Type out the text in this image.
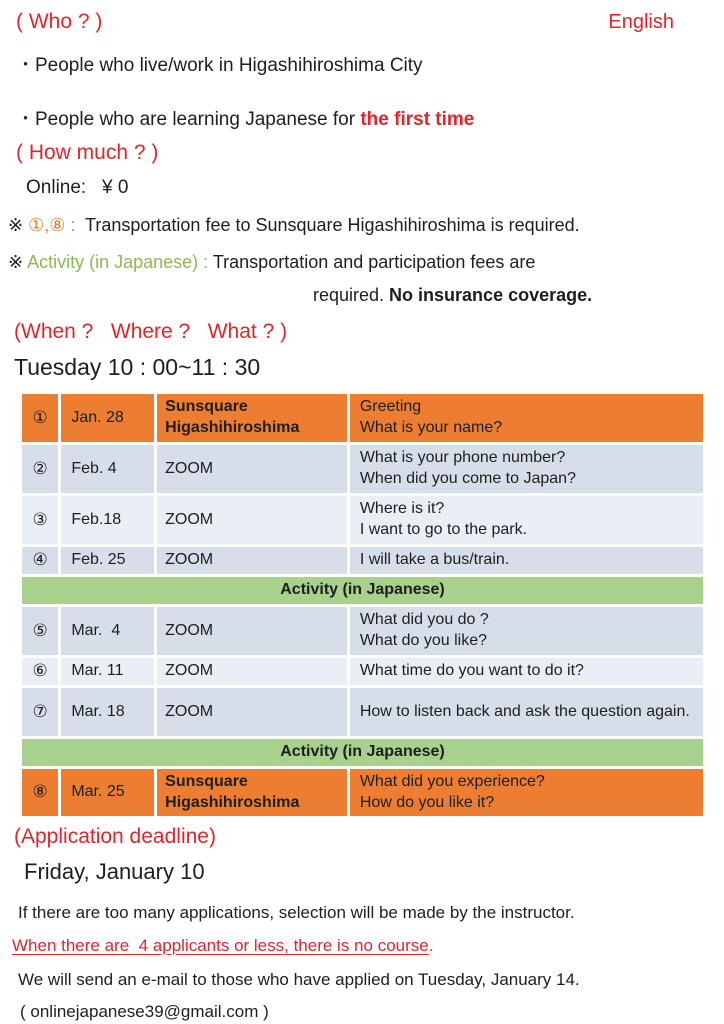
( Who ? )	English
・People who live/work in Higashihiroshima City
・People who are learning Japanese for the first time
( How much ? )
Online:   ¥ 0
※ ①,⑧ :  Transportation fee to Sunsquare Higashihiroshima is required.
※ Activity (in Japanese) : Transportation and participation fees are
required. No insurance coverage.
(When ?   Where ?   What ? )
Tuesday 10 : 00~11 : 30
①	Jan. 28	Sunsquare Higashihiroshima	Greeting
What is your name?

②	Feb. 4	ZOOM	What is your phone number?
When did you come to Japan?

③	Feb.18	ZOOM	Where is it?
I want to go to the park.

④	Feb. 25	ZOOM	I will take a bus/train.

Activity (in Japanese)			
⑤	Mar.  4	ZOOM	What did you do ?
What do you like?

⑥	Mar. 11	ZOOM	What time do you want to do it?

⑦	Mar. 18	ZOOM	How to listen back and ask the question again.

Activity (in Japanese)			
⑧	Mar. 25	Sunsquare Higashihiroshima	What did you experience?
How do you like it?
(Application deadline)
Friday, January 10
If there are too many applications, selection will be made by the instructor.
When there are  4 applicants or less, there is no course.
We will send an e-mail to those who have applied on Tuesday, January 14.
( onlinejapanese39@gmail.com )
